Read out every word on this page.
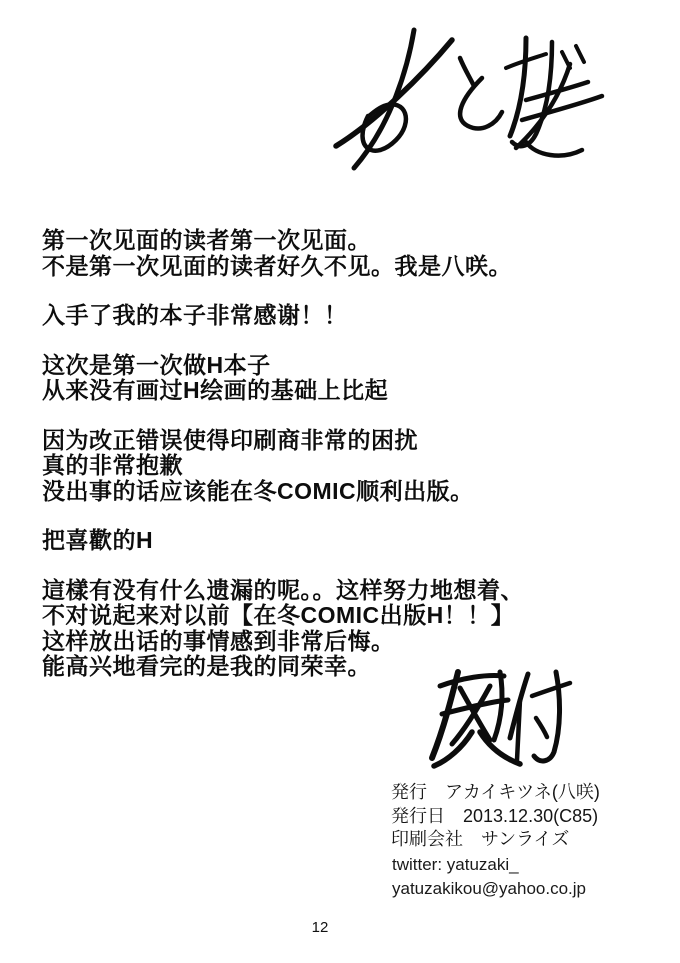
第一次见面的读者第一次见面。
不是第一次见面的读者好久不见。我是八咲。
入手了我的本子非常感谢！！
这次是第一次做H本子
从来没有画过H绘画的基础上比起
因为改正错误使得印刷商非常的困扰
真的非常抱歉
没出事的话应该能在冬COMIC顺利出版。
把喜歡的H
這樣有没有什么遗漏的呢。。这样努力地想着、
不对说起来对以前【在冬COMIC出版H！！】
这样放出话的事情感到非常后悔。
能高兴地看完的是我的同荣幸。
発行　アカイキツネ(八咲)
発行日　2013.12.30(C85)
印刷会社　サンライズ
twitter: yatuzaki_
yatuzakikou@yahoo.co.jp
12
